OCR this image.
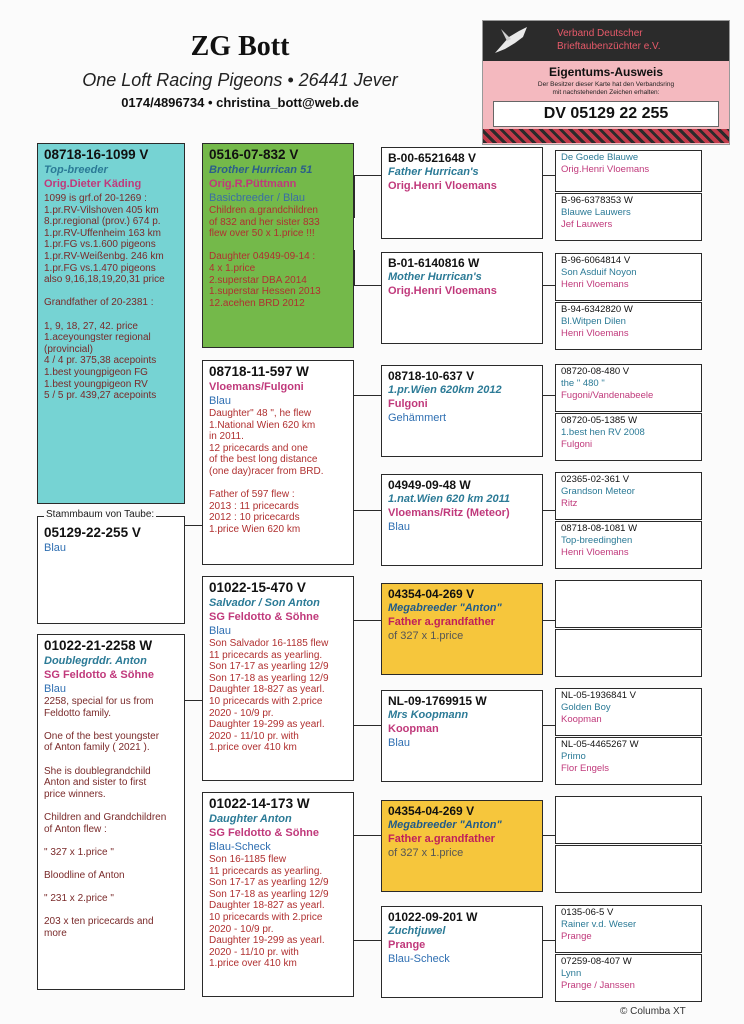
ZG Bott
One Loft Racing Pigeons • 26441 Jever
0174/4896734 • christina_bott@web.de
Verband Deutscher
Brieftaubenzüchter e.V.
Eigentums-Ausweis
Der Besitzer dieser Karte hat den Verbandsring
mit nachstehenden Zeichen erhalten:
DV 05129 22 255
08718-16-1099 V
Top-breeder
Orig.Dieter Käding
1099 is grf.of 20-1269 :
1.pr.RV-Vilshoven 405 km
8.pr.regional (prov.) 674 p.
1.pr.RV-Uffenheim 163 km
1.pr.FG vs.1.600 pigeons
1.pr.RV-Weißenbg. 246 km
1.pr.FG vs.1.470 pigeons
also 9,16,18,19,20,31 price

Grandfather of 20-2381 :

1, 9, 18, 27, 42. price
1.aceyoungster regional
(provincial)
4 / 4 pr. 375,38 acepoints
1.best youngpigeon FG
1.best youngpigeon RV
5 / 5 pr. 439,27 acepoints
Stammbaum von Taube:
05129-22-255 V
Blau
01022-21-2258 W
Doublegrddr. Anton
SG Feldotto & Söhne
Blau
2258, special for us from
Feldotto family.

One of the best youngster
of Anton family ( 2021 ).

She is doublegrandchild
Anton and sister to first
price winners.

Children and Grandchildren
of Anton flew :

" 327 x 1.price "

Bloodline of Anton

" 231 x 2.price "

203 x ten pricecards and
more
0516-07-832 V
Brother Hurrican 51
Orig.R.Püttmann
Basicbreeder / Blau
Children a.grandchildren
of 832 and her sister 833
flew over 50 x 1.price !!!

Daughter 04949-09-14 :
4 x 1.price
2.superstar DBA 2014
1.superstar Hessen 2013
12.acehen BRD 2012
08718-11-597 W
Vloemans/Fulgoni
Blau
Daughter" 48 ", he flew
1.National Wien 620 km
in 2011.
12 pricecards and one
of the best long distance
(one day)racer from BRD.

Father of 597 flew :
2013 : 11 pricecards
2012 : 10 pricecards
1.price Wien 620 km
01022-15-470 V
Salvador / Son Anton
SG Feldotto & Söhne
Blau
Son Salvador 16-1185 flew
11 pricecards as yearling.
Son 17-17 as yearling 12/9
Son 17-18 as yearling 12/9
Daughter 18-827 as yearl.
10 pricecards with 2.price
2020 - 10/9 pr.
Daughter 19-299 as yearl.
2020 - 11/10 pr. with
1.price over 410 km
01022-14-173 W
Daughter Anton
SG Feldotto & Söhne
Blau-Scheck
Son 16-1185 flew
11 pricecards as yearling.
Son 17-17 as yearling 12/9
Son 17-18 as yearling 12/9
Daughter 18-827 as yearl.
10 pricecards with 2.price
2020 - 10/9 pr.
Daughter 19-299 as yearl.
2020 - 11/10 pr. with
1.price over 410 km
B-00-6521648 V
Father Hurrican's
Orig.Henri Vloemans
B-01-6140816 W
Mother Hurrican's
Orig.Henri Vloemans
08718-10-637 V
1.pr.Wien 620km 2012
Fulgoni
Gehämmert
04949-09-48 W
1.nat.Wien 620 km 2011
Vloemans/Ritz (Meteor)
Blau
04354-04-269 V
Megabreeder "Anton"
Father a.grandfather
of 327 x 1.price
NL-09-1769915 W
Mrs Koopmann
Koopman
Blau
04354-04-269 V
Megabreeder "Anton"
Father a.grandfather
of 327 x 1.price
01022-09-201 W
Zuchtjuwel
Prange
Blau-Scheck
De Goede Blauwe
Orig.Henri Vloemans
B-96-6378353 W
Blauwe Lauwers
Jef Lauwers
B-96-6064814 V
Son Asduif Noyon
Henri Vloemans
B-94-6342820 W
Bl.Witpen Dilen
Henri Vloemans
08720-08-480 V
the " 480 "
Fugoni/Vandenabeele
08720-05-1385 W
1.best hen RV 2008
Fulgoni
02365-02-361 V
Grandson Meteor
Ritz
08718-08-1081 W
Top-breedinghen
Henri Vloemans
NL-05-1936841 V
Golden Boy
Koopman
NL-05-4465267 W
Primo
Flor Engels
0135-06-5 V
Rainer v.d. Weser
Prange
07259-08-407 W
Lynn
Prange / Janssen
© Columba XT
